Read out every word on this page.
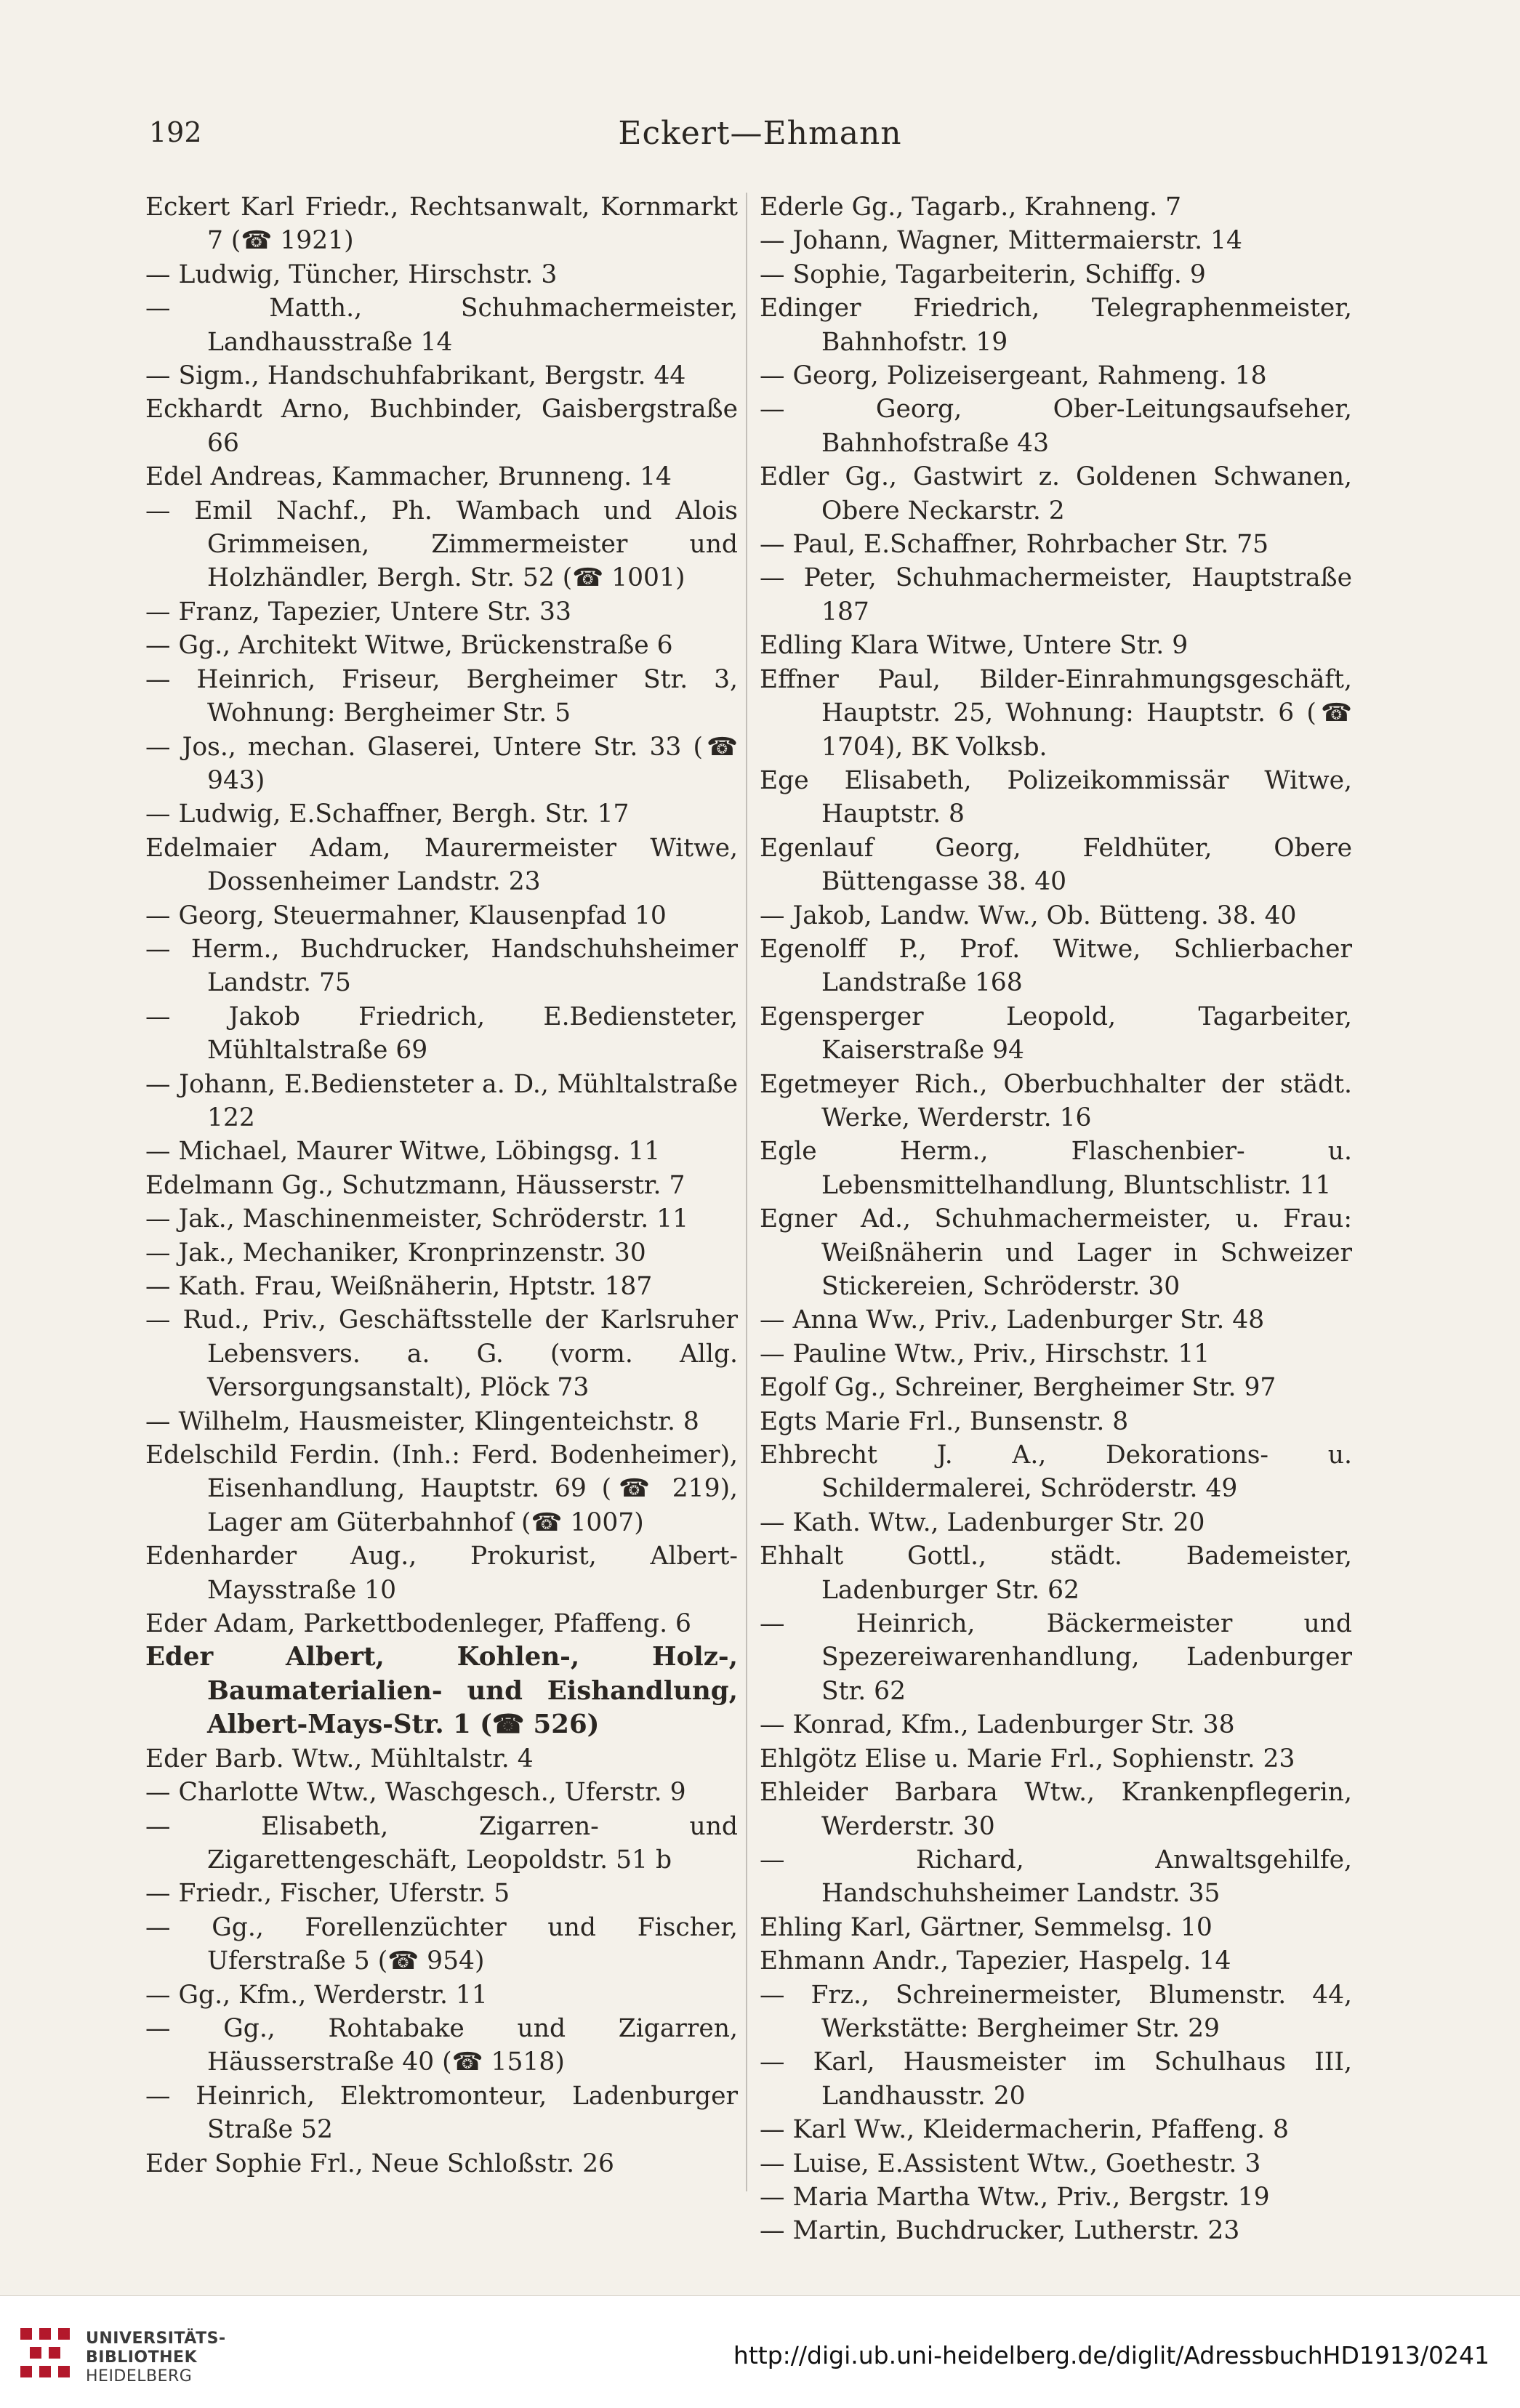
192	Eckert—Ehmann
Eckert Karl Friedr., Rechtsanwalt, Kornmarkt 7 (☎ 1921)
— Ludwig, Tüncher, Hirschstr. 3
— Matth., Schuhmachermeister, Landhausstraße 14
— Sigm., Handschuhfabrikant, Bergstr. 44
Eckhardt Arno, Buchbinder, Gaisbergstraße 66
Edel Andreas, Kammacher, Brunneng. 14
— Emil Nachf., Ph. Wambach und Alois Grimmeisen, Zimmermeister und Holzhändler, Bergh. Str. 52 (☎ 1001)
— Franz, Tapezier, Untere Str. 33
— Gg., Architekt Witwe, Brückenstraße 6
— Heinrich, Friseur, Bergheimer Str. 3, Wohnung: Bergheimer Str. 5
— Jos., mechan. Glaserei, Untere Str. 33 (☎ 943)
— Ludwig, E.Schaffner, Bergh. Str. 17
Edelmaier Adam, Maurermeister Witwe, Dossenheimer Landstr. 23
— Georg, Steuermahner, Klausenpfad 10
— Herm., Buchdrucker, Handschuhsheimer Landstr. 75
— Jakob Friedrich, E.Bediensteter, Mühltalstraße 69
— Johann, E.Bediensteter a. D., Mühltalstraße 122
— Michael, Maurer Witwe, Löbingsg. 11
Edelmann Gg., Schutzmann, Häusserstr. 7
— Jak., Maschinenmeister, Schröderstr. 11
— Jak., Mechaniker, Kronprinzenstr. 30
— Kath. Frau, Weißnäherin, Hptstr. 187
— Rud., Priv., Geschäftsstelle der Karlsruher Lebensvers. a. G. (vorm. Allg. Versorgungsanstalt), Plöck 73
— Wilhelm, Hausmeister, Klingenteichstr. 8
Edelschild Ferdin. (Inh.: Ferd. Bodenheimer), Eisenhandlung, Hauptstr. 69 (☎ 219), Lager am Güterbahnhof (☎ 1007)
Edenharder Aug., Prokurist, Albert-Maysstraße 10
Eder Adam, Parkettbodenleger, Pfaffeng. 6
Eder Albert, Kohlen-, Holz-, Baumaterialien- und Eishandlung, Albert-Mays-Str. 1 (☎ 526)
Eder Barb. Wtw., Mühltalstr. 4
— Charlotte Wtw., Waschgesch., Uferstr. 9
— Elisabeth, Zigarren- und Zigarettengeschäft, Leopoldstr. 51 b
— Friedr., Fischer, Uferstr. 5
— Gg., Forellenzüchter und Fischer, Uferstraße 5 (☎ 954)
— Gg., Kfm., Werderstr. 11
— Gg., Rohtabake und Zigarren, Häusserstraße 40 (☎ 1518)
— Heinrich, Elektromonteur, Ladenburger Straße 52
Eder Sophie Frl., Neue Schloßstr. 26
Ederle Gg., Tagarb., Krahneng. 7
— Johann, Wagner, Mittermaierstr. 14
— Sophie, Tagarbeiterin, Schiffg. 9
Edinger Friedrich, Telegraphenmeister, Bahnhofstr. 19
— Georg, Polizeisergeant, Rahmeng. 18
— Georg, Ober-Leitungsaufseher, Bahnhofstraße 43
Edler Gg., Gastwirt z. Goldenen Schwanen, Obere Neckarstr. 2
— Paul, E.Schaffner, Rohrbacher Str. 75
— Peter, Schuhmachermeister, Hauptstraße 187
Edling Klara Witwe, Untere Str. 9
Effner Paul, Bilder-Einrahmungsgeschäft, Hauptstr. 25, Wohnung: Hauptstr. 6 (☎ 1704), BK Volksb.
Ege Elisabeth, Polizeikommissär Witwe, Hauptstr. 8
Egenlauf Georg, Feldhüter, Obere Büttengasse 38. 40
— Jakob, Landw. Ww., Ob. Bütteng. 38. 40
Egenolff P., Prof. Witwe, Schlierbacher Landstraße 168
Egensperger Leopold, Tagarbeiter, Kaiserstraße 94
Egetmeyer Rich., Oberbuchhalter der städt. Werke, Werderstr. 16
Egle Herm., Flaschenbier- u. Lebensmittelhandlung, Bluntschlistr. 11
Egner Ad., Schuhmachermeister, u. Frau: Weißnäherin und Lager in Schweizer Stickereien, Schröderstr. 30
— Anna Ww., Priv., Ladenburger Str. 48
— Pauline Wtw., Priv., Hirschstr. 11
Egolf Gg., Schreiner, Bergheimer Str. 97
Egts Marie Frl., Bunsenstr. 8
Ehbrecht J. A., Dekorations- u. Schildermalerei, Schröderstr. 49
— Kath. Wtw., Ladenburger Str. 20
Ehhalt Gottl., städt. Bademeister, Ladenburger Str. 62
— Heinrich, Bäckermeister und Spezereiwarenhandlung, Ladenburger Str. 62
— Konrad, Kfm., Ladenburger Str. 38
Ehlgötz Elise u. Marie Frl., Sophienstr. 23
Ehleider Barbara Wtw., Krankenpflegerin, Werderstr. 30
— Richard, Anwaltsgehilfe, Handschuhsheimer Landstr. 35
Ehling Karl, Gärtner, Semmelsg. 10
Ehmann Andr., Tapezier, Haspelg. 14
— Frz., Schreinermeister, Blumenstr. 44, Werkstätte: Bergheimer Str. 29
— Karl, Hausmeister im Schulhaus III, Landhausstr. 20
— Karl Ww., Kleidermacherin, Pfaffeng. 8
— Luise, E.Assistent Wtw., Goethestr. 3
— Maria Martha Wtw., Priv., Bergstr. 19
— Martin, Buchdrucker, Lutherstr. 23
UNIVERSITÄTS-
BIBLIOTHEK
HEIDELBERG
http://digi.ub.uni-heidelberg.de/diglit/AdressbuchHD1913/0241
